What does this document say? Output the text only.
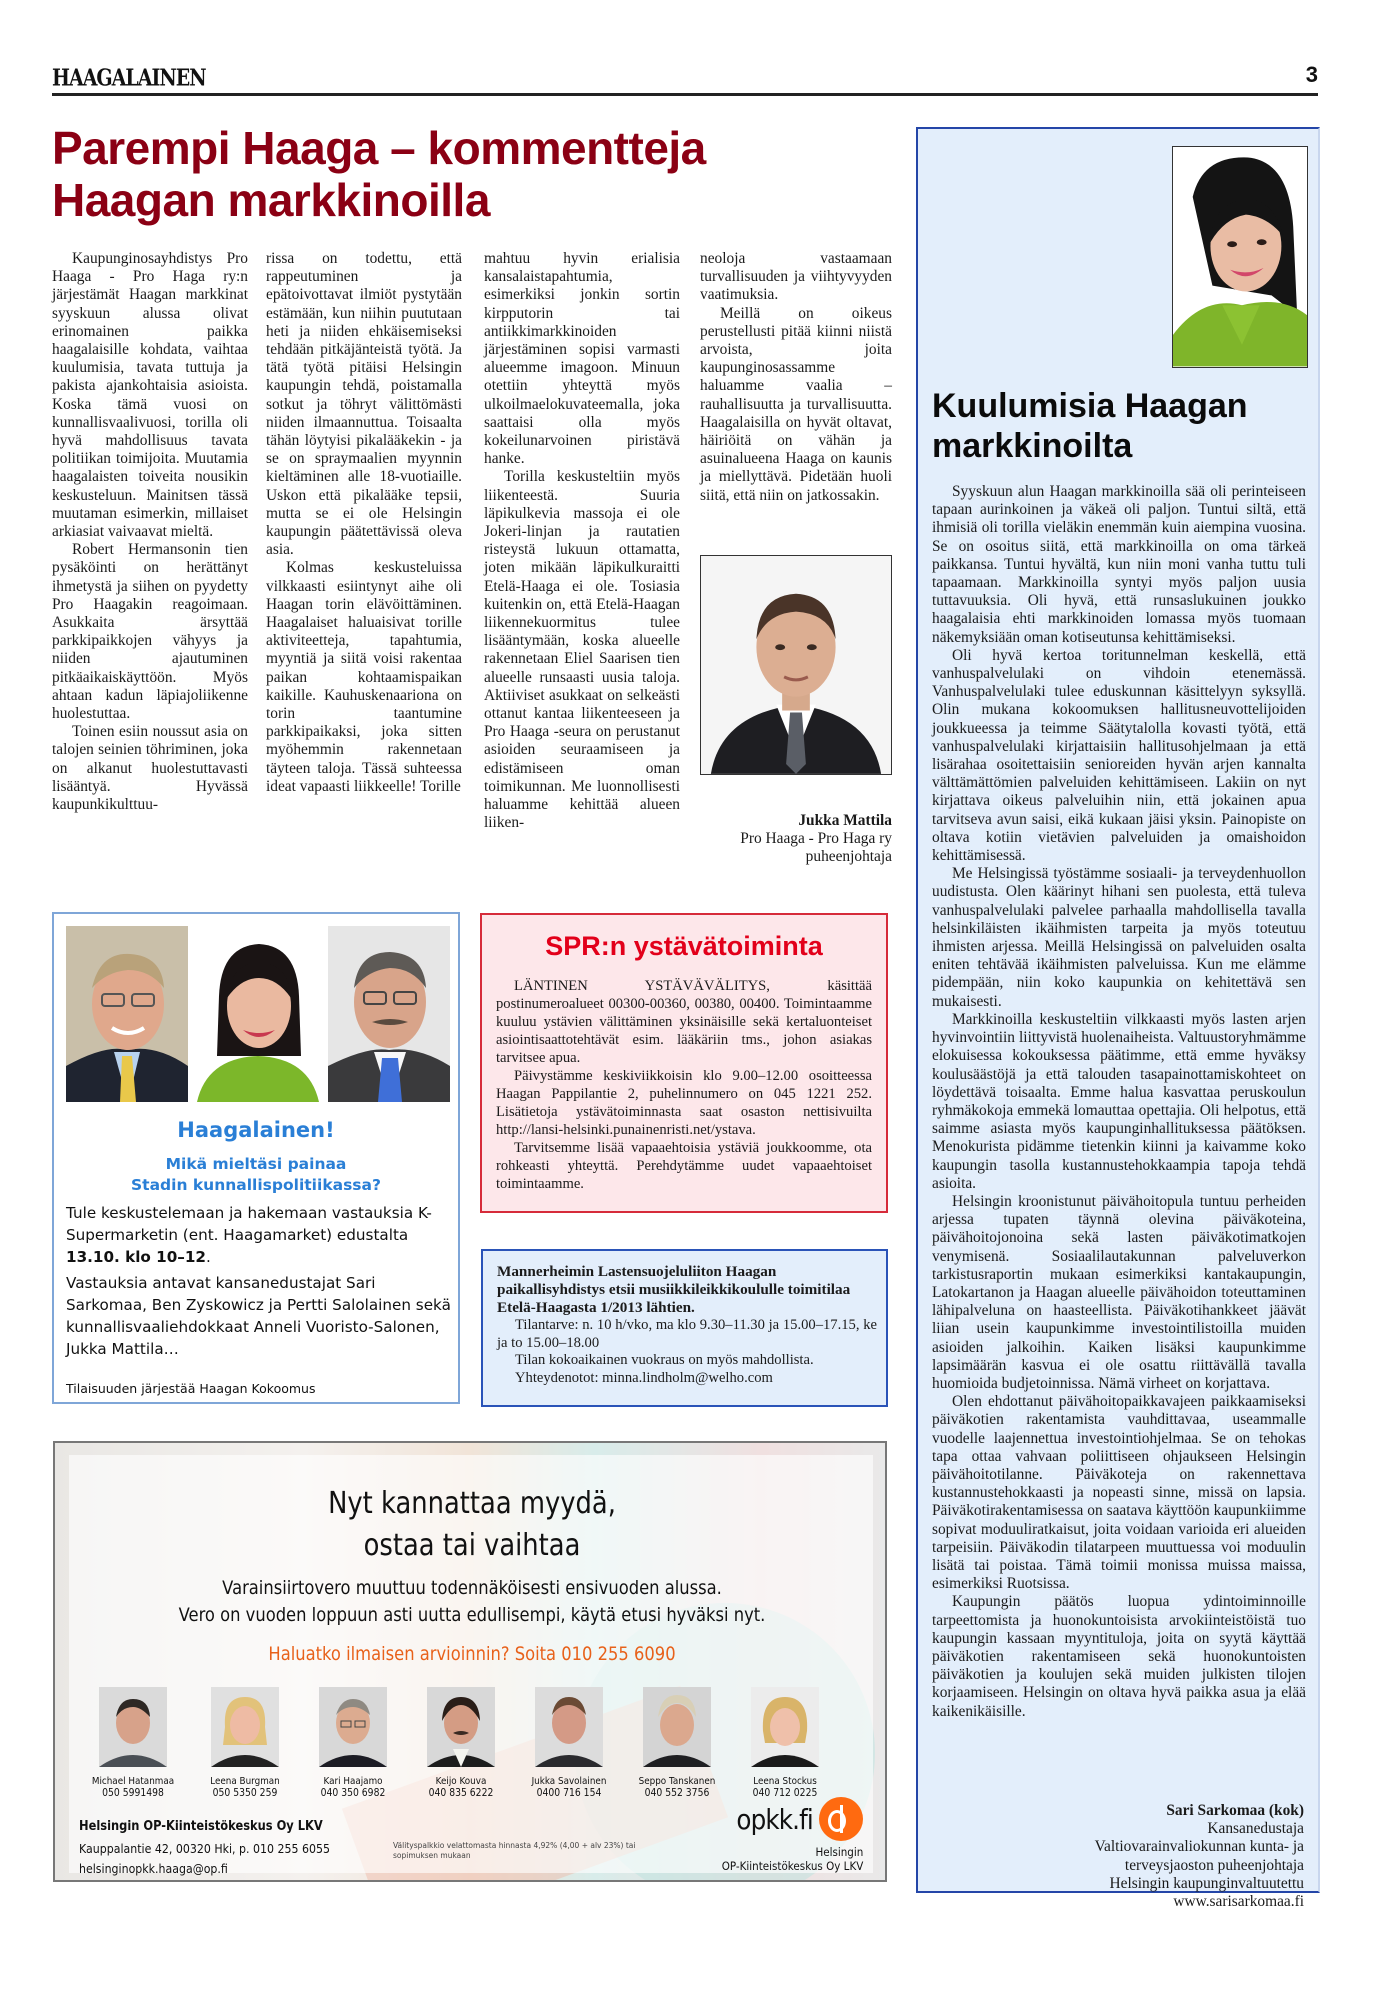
HAAGALAINEN	3
Parempi Haaga – kommentteja Haagan markkinoilla

Kaupunginosayhdistys Pro Haaga - Pro Haga ry:n järjestämät Haagan markkinat syyskuun alussa olivat erinomainen paikka haagalaisille kohdata, vaihtaa kuulumisia, tavata tuttuja ja pakista ajankohtaisia asioista. Koska tämä vuosi on kunnallisvaalivuosi, torilla oli hyvä mahdollisuus tavata politiikan toimijoita. Muutamia haagalaisten toiveita nousikin keskusteluun. Mainitsen tässä muutaman esimerkin, millaiset arkiasiat vaivaavat mieltä.

Robert Hermansonin tien pysäköinti on herättänyt ihmetystä ja siihen on pyydetty Pro Haagakin reagoimaan. Asukkaita ärsyttää parkkipaikkojen vähyys ja niiden ajautuminen pitkäaikaiskäyttöön. Myös ahtaan kadun läpiajoliikenne huolestuttaa.

Toinen esiin noussut asia on talojen seinien töhriminen, joka on alkanut huolestuttavasti lisääntyä. Hyvässä kaupunkikulttuu-

rissa on todettu, että rappeutuminen ja epätoivottavat ilmiöt pystytään estämään, kun niihin puututaan heti ja niiden ehkäisemiseksi tehdään pitkäjänteistä työtä. Ja tätä työtä pitäisi Helsingin kaupungin tehdä, poistamalla sotkut ja töhryt välittömästi niiden ilmaannuttua. Toisaalta tähän löytyisi pikalääkekin - ja se on spraymaalien myynnin kieltäminen alle 18-vuotiaille. Uskon että pikalääke tepsii, mutta se ei ole Helsingin kaupungin päätettävissä oleva asia.

Kolmas keskusteluissa vilkkaasti esiintynyt aihe oli Haagan torin elävöittäminen. Haagalaiset haluaisivat torille aktiviteetteja, tapahtumia, myyntiä ja siitä voisi rakentaa paikan kohtaamispaikan kaikille. Kauhuskenaariona on torin taantumine parkkipaikaksi, joka sitten myöhemmin rakennetaan täyteen taloja. Tässä suhteessa ideat vapaasti liikkeelle! Torille

mahtuu hyvin erialisia kansalaistapahtumia, esimerkiksi jonkin sortin kirpputorin tai antiikkimarkkinoiden järjestäminen sopisi varmasti alueemme imagoon. Minuun otettiin yhteyttä myös ulkoilmaelokuvateemalla, joka saattaisi olla myös kokeilunarvoinen piristävä hanke.

Torilla keskusteltiin myös liikenteestä. Suuria läpikulkevia massoja ei ole Jokeri-linjan ja rautatien risteystä lukuun ottamatta, joten mikään läpikulkuraitti Etelä-Haaga ei ole. Tosiasia kuitenkin on, että Etelä-Haagan liikennekuormitus tulee lisääntymään, koska alueelle rakennetaan Eliel Saarisen tien alueelle runsaasti uusia taloja. Aktiiviset asukkaat on selkeästi ottanut kantaa liikenteeseen ja Pro Haaga -seura on perustanut asioiden seuraamiseen ja edistämiseen oman toimikunnan. Me luonnollisesti haluamme kehittää alueen liiken-

neoloja vastaamaan turvallisuuden ja viihtyvyyden vaatimuksia.

Meillä on oikeus perustellusti pitää kiinni niistä arvoista, joita kaupunginosassamme haluamme vaalia – rauhallisuutta ja turvallisuutta. Haagalaisilla on hyvät oltavat, häiriöitä on vähän ja asuinalueena Haaga on kaunis ja miellyttävä. Pidetään huoli siitä, että niin on jatkossakin.

Jukka Mattila
Pro Haaga - Pro Haga ry
puheenjohtaja
Kuulumisia Haagan markkinoilta

Syyskuun alun Haagan markkinoilla sää oli perinteiseen tapaan aurinkoinen ja väkeä oli paljon. Tuntui siltä, että ihmisiä oli torilla vieläkin enemmän kuin aiempina vuosina. Se on osoitus siitä, että markkinoilla on oma tärkeä paikkansa. Tuntui hyvältä, kun niin moni vanha tuttu tuli tapaamaan. Markkinoilla syntyi myös paljon uusia tuttavuuksia. Oli hyvä, että runsaslukuinen joukko haagalaisia ehti markkinoiden lomassa myös tuomaan näkemyksiään oman kotiseutunsa kehittämiseksi.

Oli hyvä kertoa toritunnelman keskellä, että vanhuspalvelulaki on vihdoin etenemässä. Vanhuspalvelulaki tulee eduskunnan käsittelyyn syksyllä. Olin mukana kokoomuksen hallitusneuvottelijoiden joukkueessa ja teimme Säätytalolla kovasti työtä, että vanhuspalvelulaki kirjattaisiin hallitusohjelmaan ja että lisärahaa osoitettaisiin senioreiden hyvän arjen kannalta välttämättömien palveluiden kehittämiseen. Lakiin on nyt kirjattava oikeus palveluihin niin, että jokainen apua tarvitseva avun saisi, eikä kukaan jäisi yksin. Painopiste on oltava kotiin vietävien palveluiden ja omaishoidon kehittämisessä.

Me Helsingissä työstämme sosiaali- ja terveydenhuollon uudistusta. Olen käärinyt hihani sen puolesta, että tuleva vanhuspalvelulaki palvelee parhaalla mahdollisella tavalla helsinkiläisten ikäihmisten tarpeita ja myös toteutuu ihmisten arjessa. Meillä Helsingissä on palveluiden osalta eniten tehtävää ikäihmisten palveluissa. Kun me elämme pidempään, niin koko kaupunkia on kehitettävä sen mukaisesti.

Markkinoilla keskusteltiin vilkkaasti myös lasten arjen hyvinvointiin liittyvistä huolenaiheista. Valtuustoryhmämme elokuisessa kokouksessa päätimme, että emme hyväksy koulusäästöjä ja että talouden tasapainottamiskohteet on löydettävä toisaalta. Emme halua kasvattaa peruskoulun ryhmäkokoja emmekä lomauttaa opettajia. Oli helpotus, että saimme asiasta myös kaupunginhallituksessa päätöksen. Menokurista pidämme tietenkin kiinni ja kaivamme koko kaupungin tasolla kustannustehokkaampia tapoja tehdä asioita.

Helsingin kroonistunut päivähoitopula tuntuu perheiden arjessa tupaten täynnä olevina päiväkoteina, päivähoitojonoina sekä lasten päiväkotimatkojen venymisenä. Sosiaalilautakunnan palveluverkon tarkistusraportin mukaan esimerkiksi kantakaupungin, Latokartanon ja Haagan alueelle päivähoidon toteuttaminen lähipalveluna on haasteellista. Päiväkotihankkeet jäävät liian usein kaupunkimme investointilistoilla muiden asioiden jalkoihin. Kaiken lisäksi kaupunkimme lapsimäärän kasvua ei ole osattu riittävällä tavalla huomioida budjetoinnissa. Nämä virheet on korjattava.

Olen ehdottanut päivähoitopaikkavajeen paikkaamiseksi päiväkotien rakentamista vauhdittavaa, useammalle vuodelle laajennettua investointiohjelmaa. Se on tehokas tapa ottaa vahvaan poliittiseen ohjaukseen Helsingin päivähoitotilanne. Päiväkoteja on rakennettava kustannustehokkaasti ja nopeasti sinne, missä on lapsia. Päiväkotirakentamisessa on saatava käyttöön kaupunkiimme sopivat moduuliratkaisut, joita voidaan varioida eri alueiden tarpeisiin. Päiväkodin tilatarpeen muuttuessa voi moduulin lisätä tai poistaa. Tämä toimii monissa muissa maissa, esimerkiksi Ruotsissa.

Kaupungin päätös luopua ydintoiminnoille tarpeettomista ja huonokuntoisista arvokiinteistöistä tuo kaupungin kassaan myyntituloja, joita on syytä käyttää päiväkotien rakentamiseen sekä huonokuntoisten päiväkotien ja koulujen sekä muiden julkisten tilojen korjaamiseen. Helsingin on oltava hyvä paikka asua ja elää kaikenikäisille.

Sari Sarkomaa (kok)
Kansanedustaja
Valtiovarainvaliokunnan kunta- ja
terveysjaoston puheenjohtaja
Helsingin kaupunginvaltuutettu
www.sarisarkomaa.fi
Haagalainen!
Mikä mieltäsi painaa
Stadin kunnallispolitiikassa?
Tule keskustelemaan ja hakemaan vastauksia K-Supermarketin (ent. Haagamarket) edustalta 13.10. klo 10–12.
Vastauksia antavat kansanedustajat Sari Sarkomaa, Ben Zyskowicz ja Pertti Salolainen sekä kunnallisvaaliehdokkaat Anneli Vuoristo-Salonen, Jukka Mattila…
Tilaisuuden järjestää Haagan Kokoomus
SPR:n ystävätoiminta

LÄNTINEN YSTÄVÄVÄLITYS, käsittää postinumeroalueet 00300-00360, 00380, 00400. Toimintaamme kuuluu ystävien välittäminen yksinäisille sekä kertaluonteiset asiointisaattotehtävät esim. lääkäriin tms., johon asiakas tarvitsee apua.

Päivystämme keskiviikkoisin klo 9.00–12.00 osoitteessa Haagan Pappilantie 2, puhelinnumero on 045 1221 252. Lisätietoja ystävätoiminnasta saat osaston nettisivuilta http://lansi-helsinki.punainenristi.net/ystava.

Tarvitsemme lisää vapaaehtoisia ystäviä joukkoomme, ota rohkeasti yhteyttä. Perehdytämme uudet vapaaehtoiset toimintaamme.

Mannerheimin Lastensuojeluliiton Haagan paikallisyhdistys etsii musiikkileikkikoululle toimitilaa Etelä-Haagasta 1/2013 lähtien.

Tilantarve: n. 10 h/vko, ma klo 9.30–11.30 ja 15.00–17.15, ke ja to 15.00–18.00

Tilan kokoaikainen vuokraus on myös mahdollista.

Yhteydenotot: minna.lindholm@welho.com

Nyt kannattaa myydä,
ostaa tai vaihtaa
Varainsiirtovero muuttuu todennäköisesti ensivuoden alussa.
Vero on vuoden loppuun asti uutta edullisempi, käytä etusi hyväksi nyt.
Haluatko ilmaisen arvioinnin? Soita 010 255 6090
Michael Hatanmaa
050 5991498
Leena Burgman
050 5350 259
Kari Haajamo
040 350 6982
Keijo Kouva
040 835 6222
Jukka Savolainen
0400 716 154
Seppo Tanskanen
040 552 3756
Leena Stockus
040 712 0225
Helsingin OP-Kiinteistökeskus Oy LKV
Kauppalantie 42, 00320 Hki, p. 010 255 6055
helsinginopkk.haaga@op.fi
Välityspalkkio velattomasta hinnasta 4,92% (4,00 + alv 23%) tai sopimuksen mukaan
opkk.fi
Helsingin
OP-Kiinteistökeskus Oy LKV
